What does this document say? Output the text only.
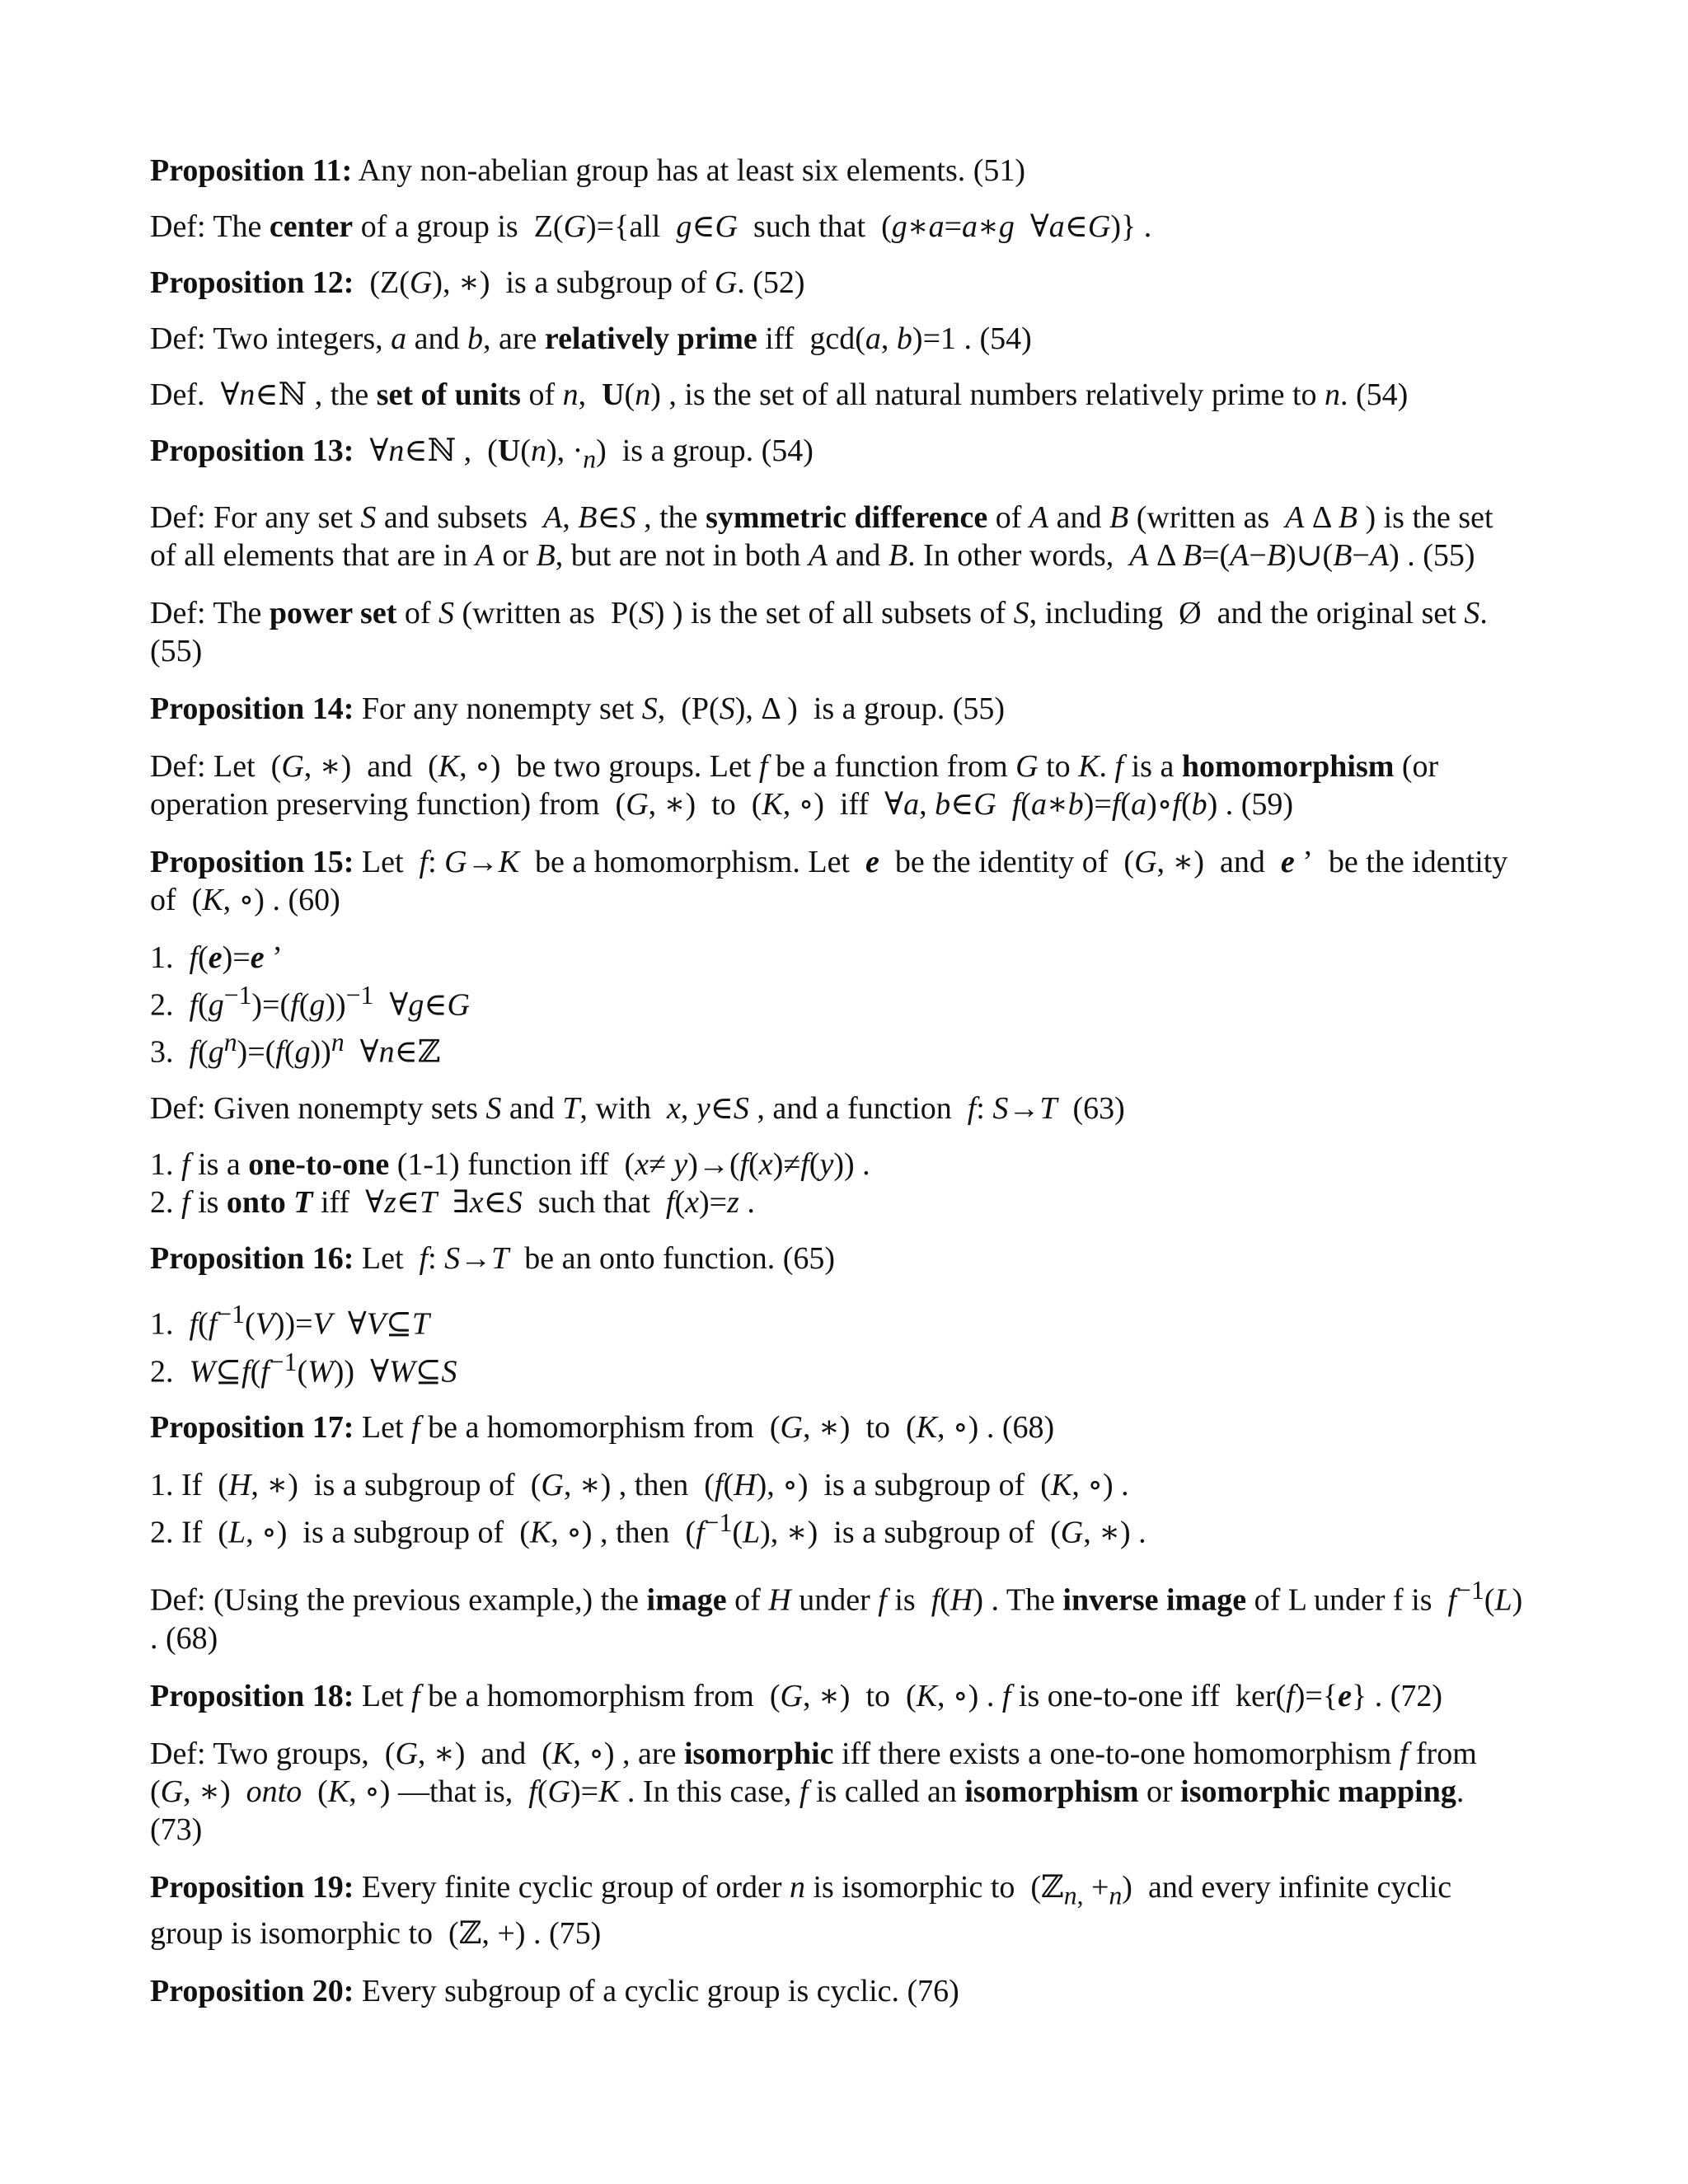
Proposition 11: Any non-abelian group has at least six elements. (51)

Def: The center of a group is  Z(G)={all  g∈G  such that  (g∗a=a∗g  ∀a∈G)} .

Proposition 12:  (Z(G), ∗)  is a subgroup of G. (52)

Def: Two integers, a and b, are relatively prime iff  gcd(a, b)=1 . (54)

Def.  ∀n∈ℕ , the set of units of n,  U(n) , is the set of all natural numbers relatively prime to n. (54)

Proposition 13:  ∀n∈ℕ ,  (U(n), $\cdot_n$)  is a group. (54)

Def: For any set S and subsets  A, B∈S , the symmetric difference of A and B (written as  A Δ B ) is the set of all elements that are in A or B, but are not in both A and B. In other words,  A Δ B=(A−B)∪(B−A) . (55)

Def: The power set of S (written as  P(S) ) is the set of all subsets of S, including  Ø  and the original set S. (55)

Proposition 14: For any nonempty set S,  (P(S), Δ )  is a group. (55)

Def: Let  (G, ∗)  and  (K, ∘)  be two groups. Let f be a function from G to K. f is a homomorphism (or operation preserving function) from  (G, ∗)  to  (K, ∘)  iff  ∀a, b∈G f(a∗b)=f(a)∘f(b) . (59)

Proposition 15: Let  f: G→K  be a homomorphism. Let  e  be the identity of  (G, ∗)  and  e ’  be the identity of  (K, ∘) . (60)

1.  f(e)=e ’
2.  $f(g^{-1})=(f(g))^{-1}$  ∀g∈G
3.  $f(g^n)=(f(g))^n$  ∀n∈ℤ

Def: Given nonempty sets S and T, with  x, y∈S , and a function  f: S→T  (63)

1. f is a one-to-one (1-1) function iff  (x≠ y)→(f(x)≠f(y)) .
2. f is onto T iff  ∀z∈T  ∃x∈S  such that  f(x)=z .

Proposition 16: Let  f: S→T  be an onto function. (65)

1.  $f(f^{-1}(V))=V$  ∀V⊆T
2.  $W⊆f(f^{-1}(W))$  ∀W⊆S

Proposition 17: Let f be a homomorphism from  (G, ∗)  to  (K, ∘) . (68)

1. If  (H, ∗)  is a subgroup of  (G, ∗) , then  (f(H), ∘)  is a subgroup of  (K, ∘) .
2. If  (L, ∘)  is a subgroup of  (K, ∘) , then  ($f^{-1}(L)$, ∗)  is a subgroup of  (G, ∗) .

Def: (Using the previous example,) the image of H under f is  f(H) . The inverse image of L under f is  $f^{-1}(L)$ . (68)

Proposition 18: Let f be a homomorphism from  (G, ∗)  to  (K, ∘) . f is one-to-one iff  ker(f)={e} . (72)

Def: Two groups,  (G, ∗)  and  (K, ∘) , are isomorphic iff there exists a one-to-one homomorphism f from  (G, ∗)  onto  (K, ∘) —that is,  f(G)=K . In this case, f is called an isomorphism or isomorphic mapping. (73)

Proposition 19: Every finite cyclic group of order n is isomorphic to  (ℤ$_{n,}$ $+_n$)  and every infinite cyclic group is isomorphic to  (ℤ, +) . (75)

Proposition 20: Every subgroup of a cyclic group is cyclic. (76)
